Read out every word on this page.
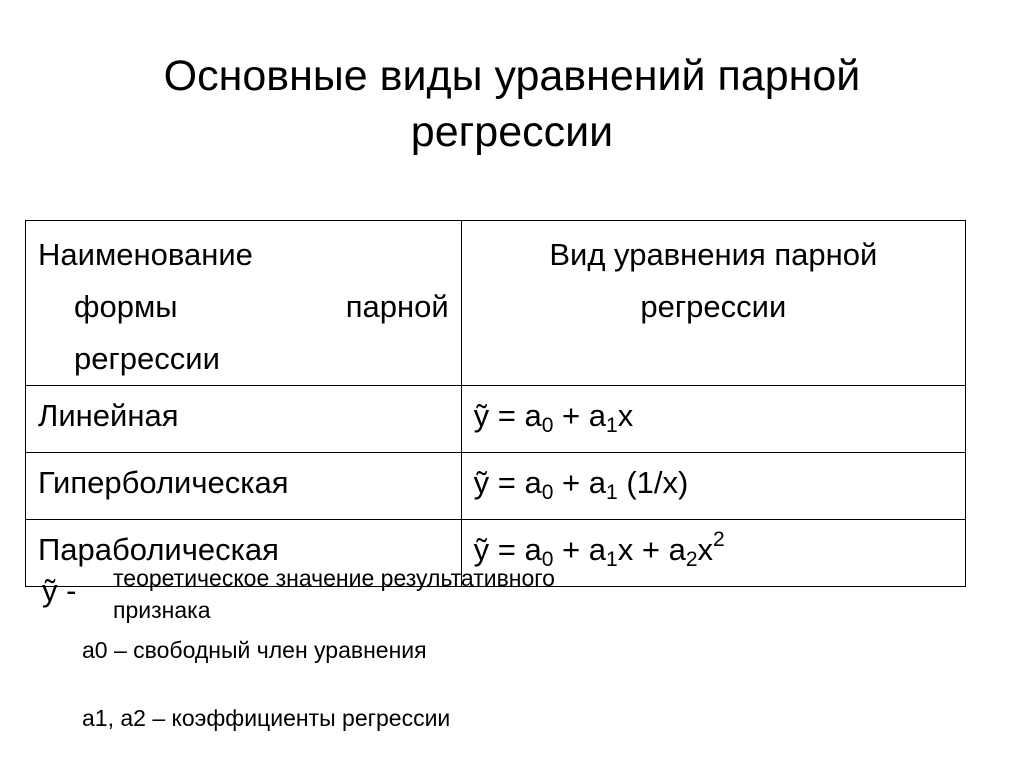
Основные виды уравнений парной
регрессии
Наименование
формы парной
регрессии	Вид уравнения парной
регрессии

Линейная	ỹ = $a_0 + a_1x$
Гиперболическая	ỹ = $a_0 + a_1$ (1/x)
Параболическая	ỹ = $a_0 + a_1x + a_2x^2$
ỹ - теоретическое значение результативного
признака
а0 – свободный член уравнения
а1, а2 – коэффициенты регрессии
